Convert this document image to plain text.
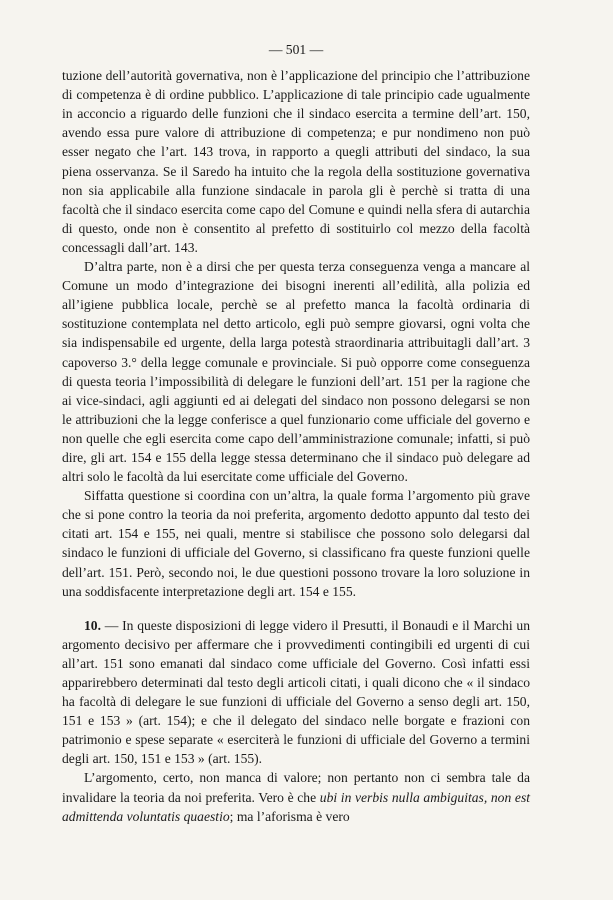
— 501 —

tuzione dell’autorità governativa, non è l’applicazione del principio che l’attribuzione di competenza è di ordine pubblico. L’applicazione di tale principio cade ugualmente in acconcio a riguardo delle funzioni che il sindaco esercita a termine dell’art. 150, avendo essa pure valore di attribuzione di competenza; e pur nondimeno non può esser negato che l’art. 143 trova, in rapporto a quegli attributi del sindaco, la sua piena osservanza. Se il Saredo ha intuito che la regola della sostituzione governativa non sia applicabile alla funzione sindacale in parola gli è perchè si tratta di una facoltà che il sindaco esercita come capo del Comune e quindi nella sfera di autarchia di questo, onde non è consentito al prefetto di sostituirlo col mezzo della facoltà concessagli dall’art. 143.

D’altra parte, non è a dirsi che per questa terza conseguenza venga a mancare al Comune un modo d’integrazione dei bisogni inerenti all’edilità, alla polizia ed all’igiene pubblica locale, perchè se al prefetto manca la facoltà ordinaria di sostituzione contemplata nel detto articolo, egli può sempre giovarsi, ogni volta che sia indispensabile ed urgente, della larga potestà straordinaria attribuitagli dall’art. 3 capoverso 3.° della legge comunale e provinciale. Si può opporre come conseguenza di questa teoria l’impossibilità di delegare le funzioni dell’art. 151 per la ragione che ai vice-sindaci, agli aggiunti ed ai delegati del sindaco non possono delegarsi se non le attribuzioni che la legge conferisce a quel funzionario come ufficiale del governo e non quelle che egli esercita come capo dell’amministrazione comunale; infatti, si può dire, gli art. 154 e 155 della legge stessa determinano che il sindaco può delegare ad altri solo le facoltà da lui esercitate come ufficiale del Governo.

Siffatta questione si coordina con un’altra, la quale forma l’argomento più grave che si pone contro la teoria da noi preferita, argomento dedotto appunto dal testo dei citati art. 154 e 155, nei quali, mentre si stabilisce che possono solo delegarsi dal sindaco le funzioni di ufficiale del Governo, si classificano fra queste funzioni quelle dell’art. 151. Però, secondo noi, le due questioni possono trovare la loro soluzione in una soddisfacente interpretazione degli art. 154 e 155.

10. — In queste disposizioni di legge videro il Presutti, il Bonaudi e il Marchi un argomento decisivo per affermare che i provvedimenti contingibili ed urgenti di cui all’art. 151 sono emanati dal sindaco come ufficiale del Governo. Così infatti essi apparirebbero determinati dal testo degli articoli citati, i quali dicono che « il sindaco ha facoltà di delegare le sue funzioni di ufficiale del Governo a senso degli art. 150, 151 e 153 » (art. 154); e che il delegato del sindaco nelle borgate e frazioni con patrimonio e spese separate « eserciterà le funzioni di ufficiale del Governo a termini degli art. 150, 151 e 153 » (art. 155).

L’argomento, certo, non manca di valore; non pertanto non ci sembra tale da invalidare la teoria da noi preferita. Vero è che ubi in verbis nulla ambiguitas, non est admittenda voluntatis quaestio; ma l’aforisma è vero
